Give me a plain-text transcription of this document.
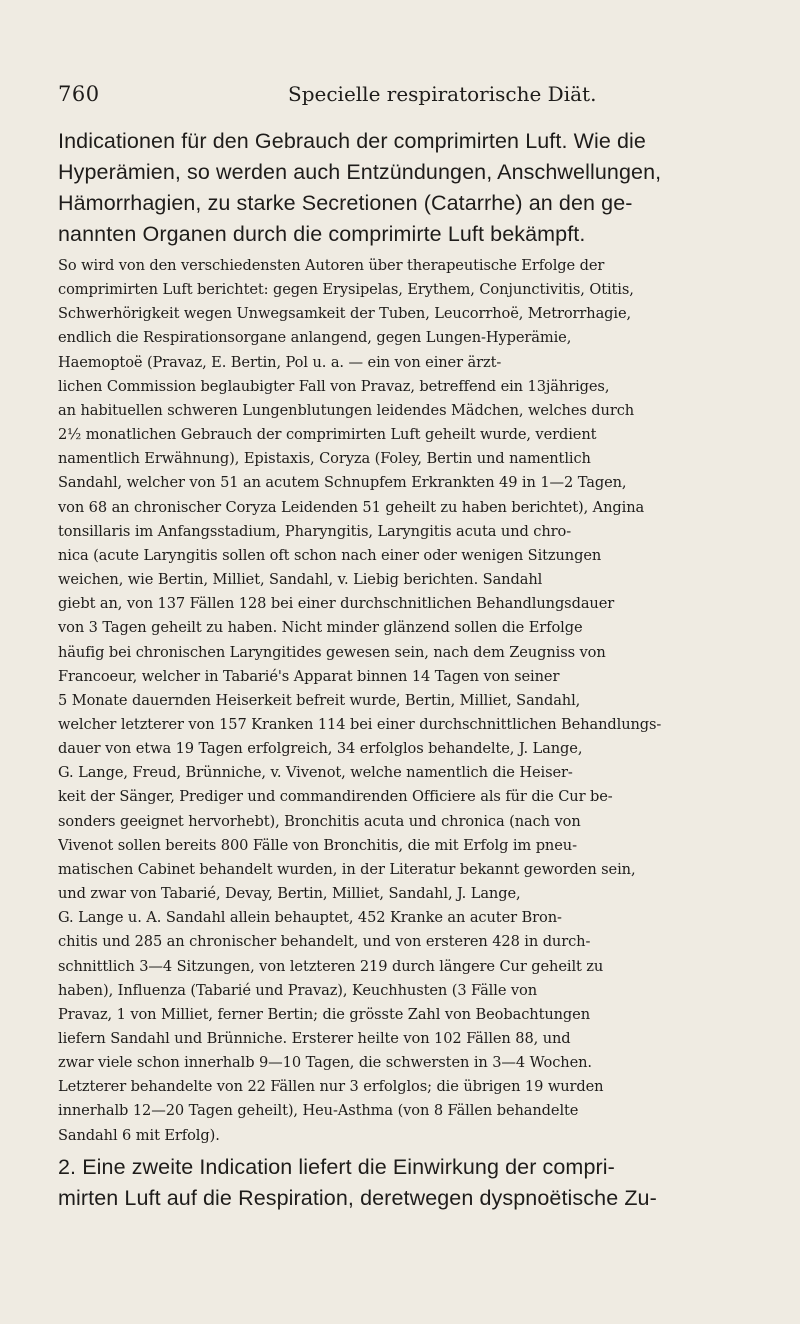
760	Specielle respiratorische Diät.
Indicationen für den Gebrauch der comprimirten Luft. Wie die
Hyperämien, so werden auch Entzündungen, Anschwellungen,
Hämorrhagien, zu starke Secretionen (Catarrhe) an den ge-
nannten Organen durch die comprimirte Luft bekämpft.
So wird von den verschiedensten Autoren über therapeutische Erfolge der
comprimirten Luft berichtet: gegen Erysipelas, Erythem, Conjunctivitis, Otitis,
Schwerhörigkeit wegen Unwegsamkeit der Tuben, Leucorrhoë, Metrorrhagie,
endlich die Respirationsorgane anlangend, gegen Lungen-Hyperämie,
Haemoptoë (Pravaz, E. Bertin, Pol u. a. — ein von einer ärzt-
lichen Commission beglaubigter Fall von Pravaz, betreffend ein 13jähriges,
an habituellen schweren Lungenblutungen leidendes Mädchen, welches durch
2½ monatlichen Gebrauch der comprimirten Luft geheilt wurde, verdient
namentlich Erwähnung), Epistaxis, Coryza (Foley, Bertin und namentlich
Sandahl, welcher von 51 an acutem Schnupfem Erkrankten 49 in 1—2 Tagen,
von 68 an chronischer Coryza Leidenden 51 geheilt zu haben berichtet), Angina
tonsillaris im Anfangsstadium, Pharyngitis, Laryngitis acuta und chro-
nica (acute Laryngitis sollen oft schon nach einer oder wenigen Sitzungen
weichen, wie Bertin, Milliet, Sandahl, v. Liebig berichten. Sandahl
giebt an, von 137 Fällen 128 bei einer durchschnitlichen Behandlungsdauer
von 3 Tagen geheilt zu haben. Nicht minder glänzend sollen die Erfolge
häufig bei chronischen Laryngitides gewesen sein, nach dem Zeugniss von
Francoeur, welcher in Tabarié's Apparat binnen 14 Tagen von seiner
5 Monate dauernden Heiserkeit befreit wurde, Bertin, Milliet, Sandahl,
welcher letzterer von 157 Kranken 114 bei einer durchschnittlichen Behandlungs-
dauer von etwa 19 Tagen erfolgreich, 34 erfolglos behandelte, J. Lange,
G. Lange, Freud, Brünniche, v. Vivenot, welche namentlich die Heiser-
keit der Sänger, Prediger und commandirenden Officiere als für die Cur be-
sonders geeignet hervorhebt), Bronchitis acuta und chronica (nach von
Vivenot sollen bereits 800 Fälle von Bronchitis, die mit Erfolg im pneu-
matischen Cabinet behandelt wurden, in der Literatur bekannt geworden sein,
und zwar von Tabarié, Devay, Bertin, Milliet, Sandahl, J. Lange,
G. Lange u. A. Sandahl allein behauptet, 452 Kranke an acuter Bron-
chitis und 285 an chronischer behandelt, und von ersteren 428 in durch-
schnittlich 3—4 Sitzungen, von letzteren 219 durch längere Cur geheilt zu
haben), Influenza (Tabarié und Pravaz), Keuchhusten (3 Fälle von
Pravaz, 1 von Milliet, ferner Bertin; die grösste Zahl von Beobachtungen
liefern Sandahl und Brünniche. Ersterer heilte von 102 Fällen 88, und
zwar viele schon innerhalb 9—10 Tagen, die schwersten in 3—4 Wochen.
Letzterer behandelte von 22 Fällen nur 3 erfolglos; die übrigen 19 wurden
innerhalb 12—20 Tagen geheilt), Heu-Asthma (von 8 Fällen behandelte
Sandahl 6 mit Erfolg).
2. Eine zweite Indication liefert die Einwirkung der compri-
mirten Luft auf die Respiration, deretwegen dyspnoëtische Zu-
